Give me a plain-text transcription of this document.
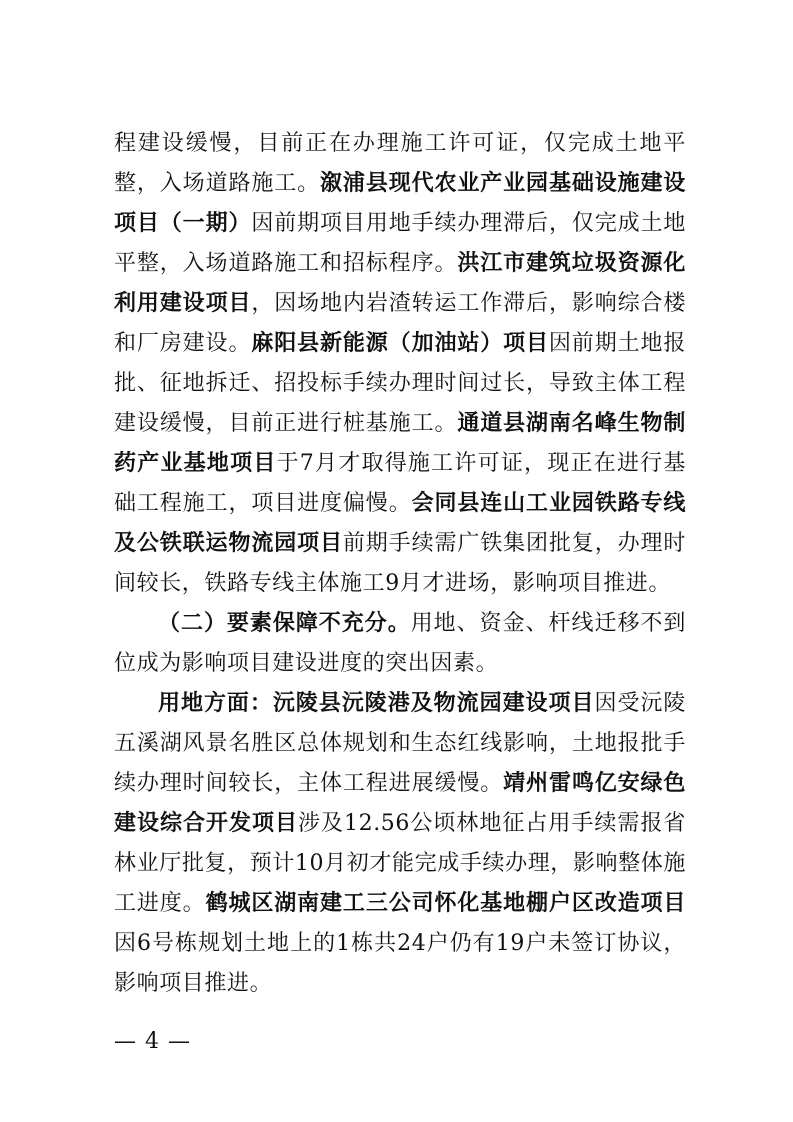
程建设缓慢，目前正在办理施工许可证，仅完成土地平整，入场道路施工。溆浦县现代农业产业园基础设施建设项目（一期）因前期项目用地手续办理滞后，仅完成土地平整，入场道路施工和招标程序。洪江市建筑垃圾资源化利用建设项目，因场地内岩渣转运工作滞后，影响综合楼和厂房建设。麻阳县新能源（加油站）项目因前期土地报批、征地拆迁、招投标手续办理时间过长，导致主体工程建设缓慢，目前正进行桩基施工。通道县湖南名峰生物制药产业基地项目于7月才取得施工许可证，现正在进行基础工程施工，项目进度偏慢。会同县连山工业园铁路专线及公铁联运物流园项目前期手续需广铁集团批复，办理时间较长，铁路专线主体施工9月才进场，影响项目推进。

（二）要素保障不充分。用地、资金、杆线迁移不到位成为影响项目建设进度的突出因素。

用地方面：沅陵县沅陵港及物流园建设项目因受沅陵五溪湖风景名胜区总体规划和生态红线影响，土地报批手续办理时间较长，主体工程进展缓慢。靖州雷鸣亿安绿色建设综合开发项目涉及12.56公顷林地征占用手续需报省林业厅批复，预计10月初才能完成手续办理，影响整体施工进度。鹤城区湖南建工三公司怀化基地棚户区改造项目因6号栋规划土地上的1栋共24户仍有19户未签订协议，影响项目推进。

— 4 —
